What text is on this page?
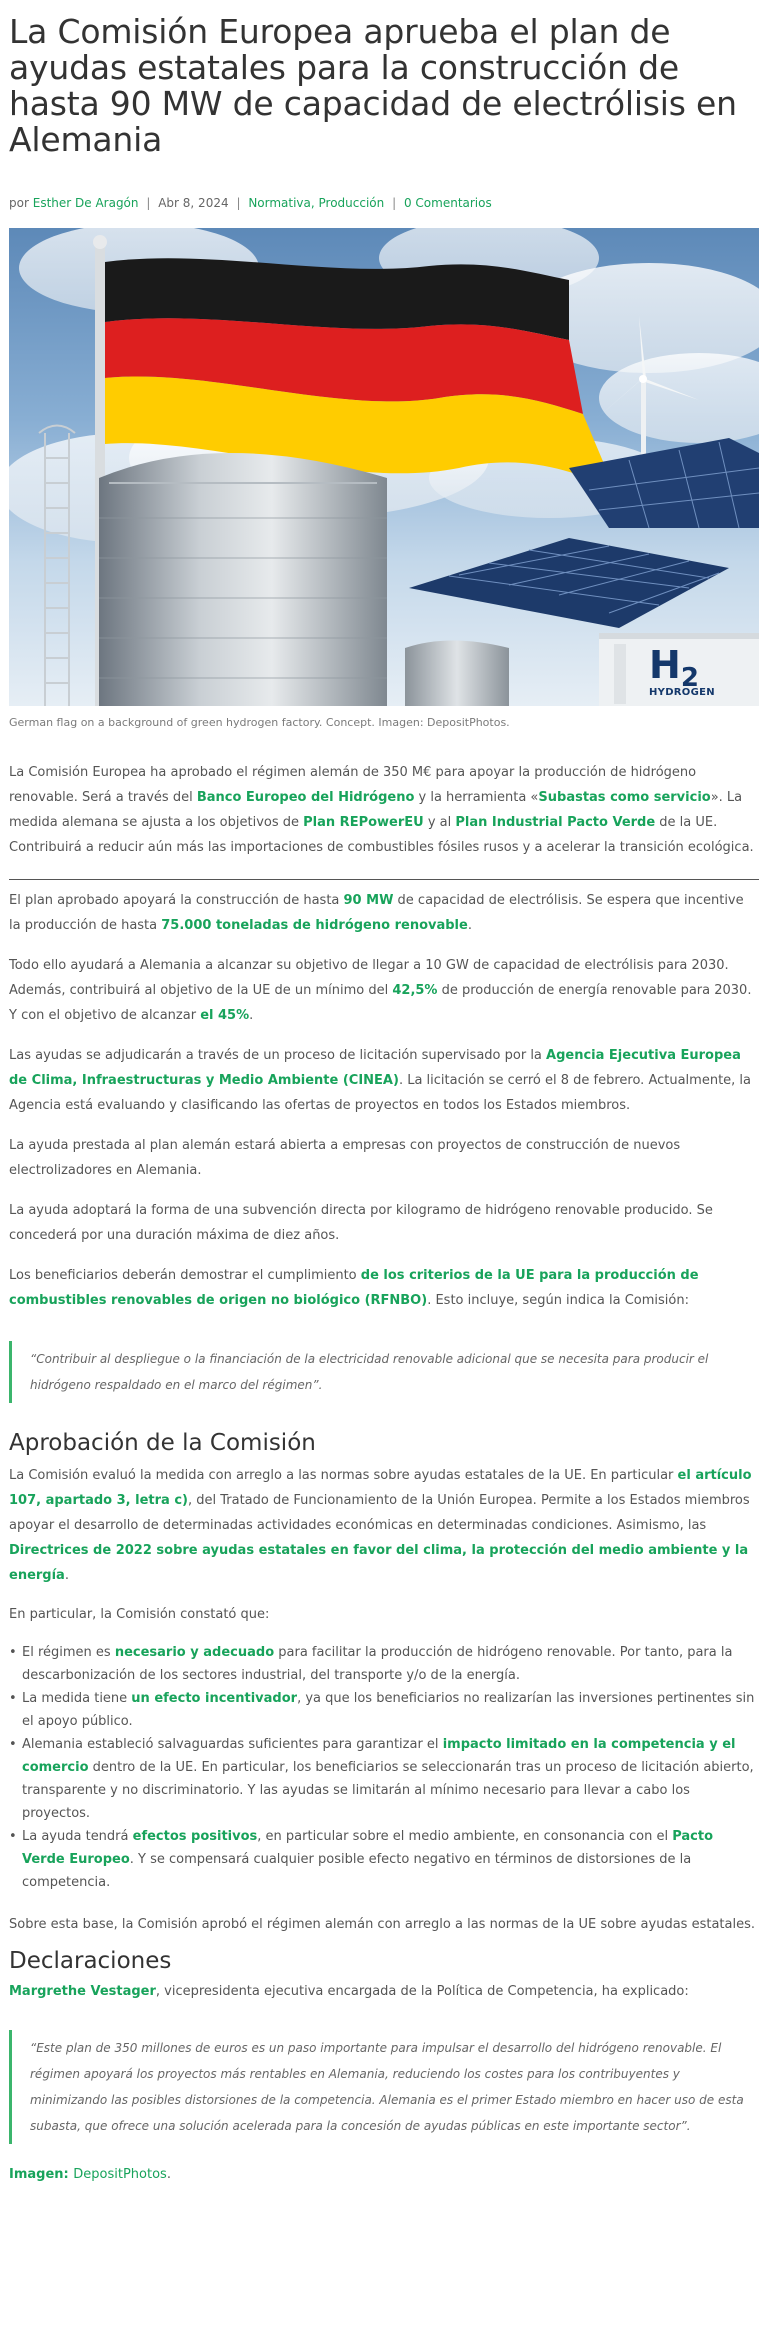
La Comisión Europea aprueba el plan de ayudas estatales para la construcción de hasta 90 MW de capacidad de electrólisis en Alemania
por Esther De Aragón | Abr 8, 2024 | Normativa, Producción | 0 Comentarios
H2
HYDROGEN
German flag on a background of green hydrogen factory. Concept. Imagen: DepositPhotos.

La Comisión Europea ha aprobado el régimen alemán de 350 M€ para apoyar la producción de hidrógeno renovable. Será a través del Banco Europeo del Hidrógeno y la herramienta «Subastas como servicio». La medida alemana se ajusta a los objetivos de Plan REPowerEU y al Plan Industrial Pacto Verde de la UE. Contribuirá a reducir aún más las importaciones de combustibles fósiles rusos y a acelerar la transición ecológica.

El plan aprobado apoyará la construcción de hasta 90 MW de capacidad de electrólisis. Se espera que incentive la producción de hasta 75.000 toneladas de hidrógeno renovable.

Todo ello ayudará a Alemania a alcanzar su objetivo de llegar a 10 GW de capacidad de electrólisis para 2030. Además, contribuirá al objetivo de la UE de un mínimo del 42,5% de producción de energía renovable para 2030. Y con el objetivo de alcanzar el 45%.

Las ayudas se adjudicarán a través de un proceso de licitación supervisado por la Agencia Ejecutiva Europea de Clima, Infraestructuras y Medio Ambiente (CINEA). La licitación se cerró el 8 de febrero. Actualmente, la Agencia está evaluando y clasificando las ofertas de proyectos en todos los Estados miembros.

La ayuda prestada al plan alemán estará abierta a empresas con proyectos de construcción de nuevos electrolizadores en Alemania.

La ayuda adoptará la forma de una subvención directa por kilogramo de hidrógeno renovable producido. Se concederá por una duración máxima de diez años.

Los beneficiarios deberán demostrar el cumplimiento de los criterios de la UE para la producción de combustibles renovables de origen no biológico (RFNBO). Esto incluye, según indica la Comisión:

“Contribuir al despliegue o la financiación de la electricidad renovable adicional que se necesita para producir el hidrógeno respaldado en el marco del régimen”.
Aprobación de la Comisión

La Comisión evaluó la medida con arreglo a las normas sobre ayudas estatales de la UE. En particular el artículo 107, apartado 3, letra c), del Tratado de Funcionamiento de la Unión Europea. Permite a los Estados miembros apoyar el desarrollo de determinadas actividades económicas en determinadas condiciones. Asimismo, las Directrices de 2022 sobre ayudas estatales en favor del clima, la protección del medio ambiente y la energía.

En particular, la Comisión constató que:

• El régimen es necesario y adecuado para facilitar la producción de hidrógeno renovable. Por tanto, para la descarbonización de los sectores industrial, del transporte y/o de la energía.
• La medida tiene un efecto incentivador, ya que los beneficiarios no realizarían las inversiones pertinentes sin el apoyo público.
• Alemania estableció salvaguardas suficientes para garantizar el impacto limitado en la competencia y el comercio dentro de la UE. En particular, los beneficiarios se seleccionarán tras un proceso de licitación abierto, transparente y no discriminatorio. Y las ayudas se limitarán al mínimo necesario para llevar a cabo los proyectos.
• La ayuda tendrá efectos positivos, en particular sobre el medio ambiente, en consonancia con el Pacto Verde Europeo. Y se compensará cualquier posible efecto negativo en términos de distorsiones de la competencia.

Sobre esta base, la Comisión aprobó el régimen alemán con arreglo a las normas de la UE sobre ayudas estatales.

Declaraciones

Margrethe Vestager, vicepresidenta ejecutiva encargada de la Política de Competencia, ha explicado:

“Este plan de 350 millones de euros es un paso importante para impulsar el desarrollo del hidrógeno renovable. El régimen apoyará los proyectos más rentables en Alemania, reduciendo los costes para los contribuyentes y minimizando las posibles distorsiones de la competencia. Alemania es el primer Estado miembro en hacer uso de esta subasta, que ofrece una solución acelerada para la concesión de ayudas públicas en este importante sector”.

Imagen: DepositPhotos.
